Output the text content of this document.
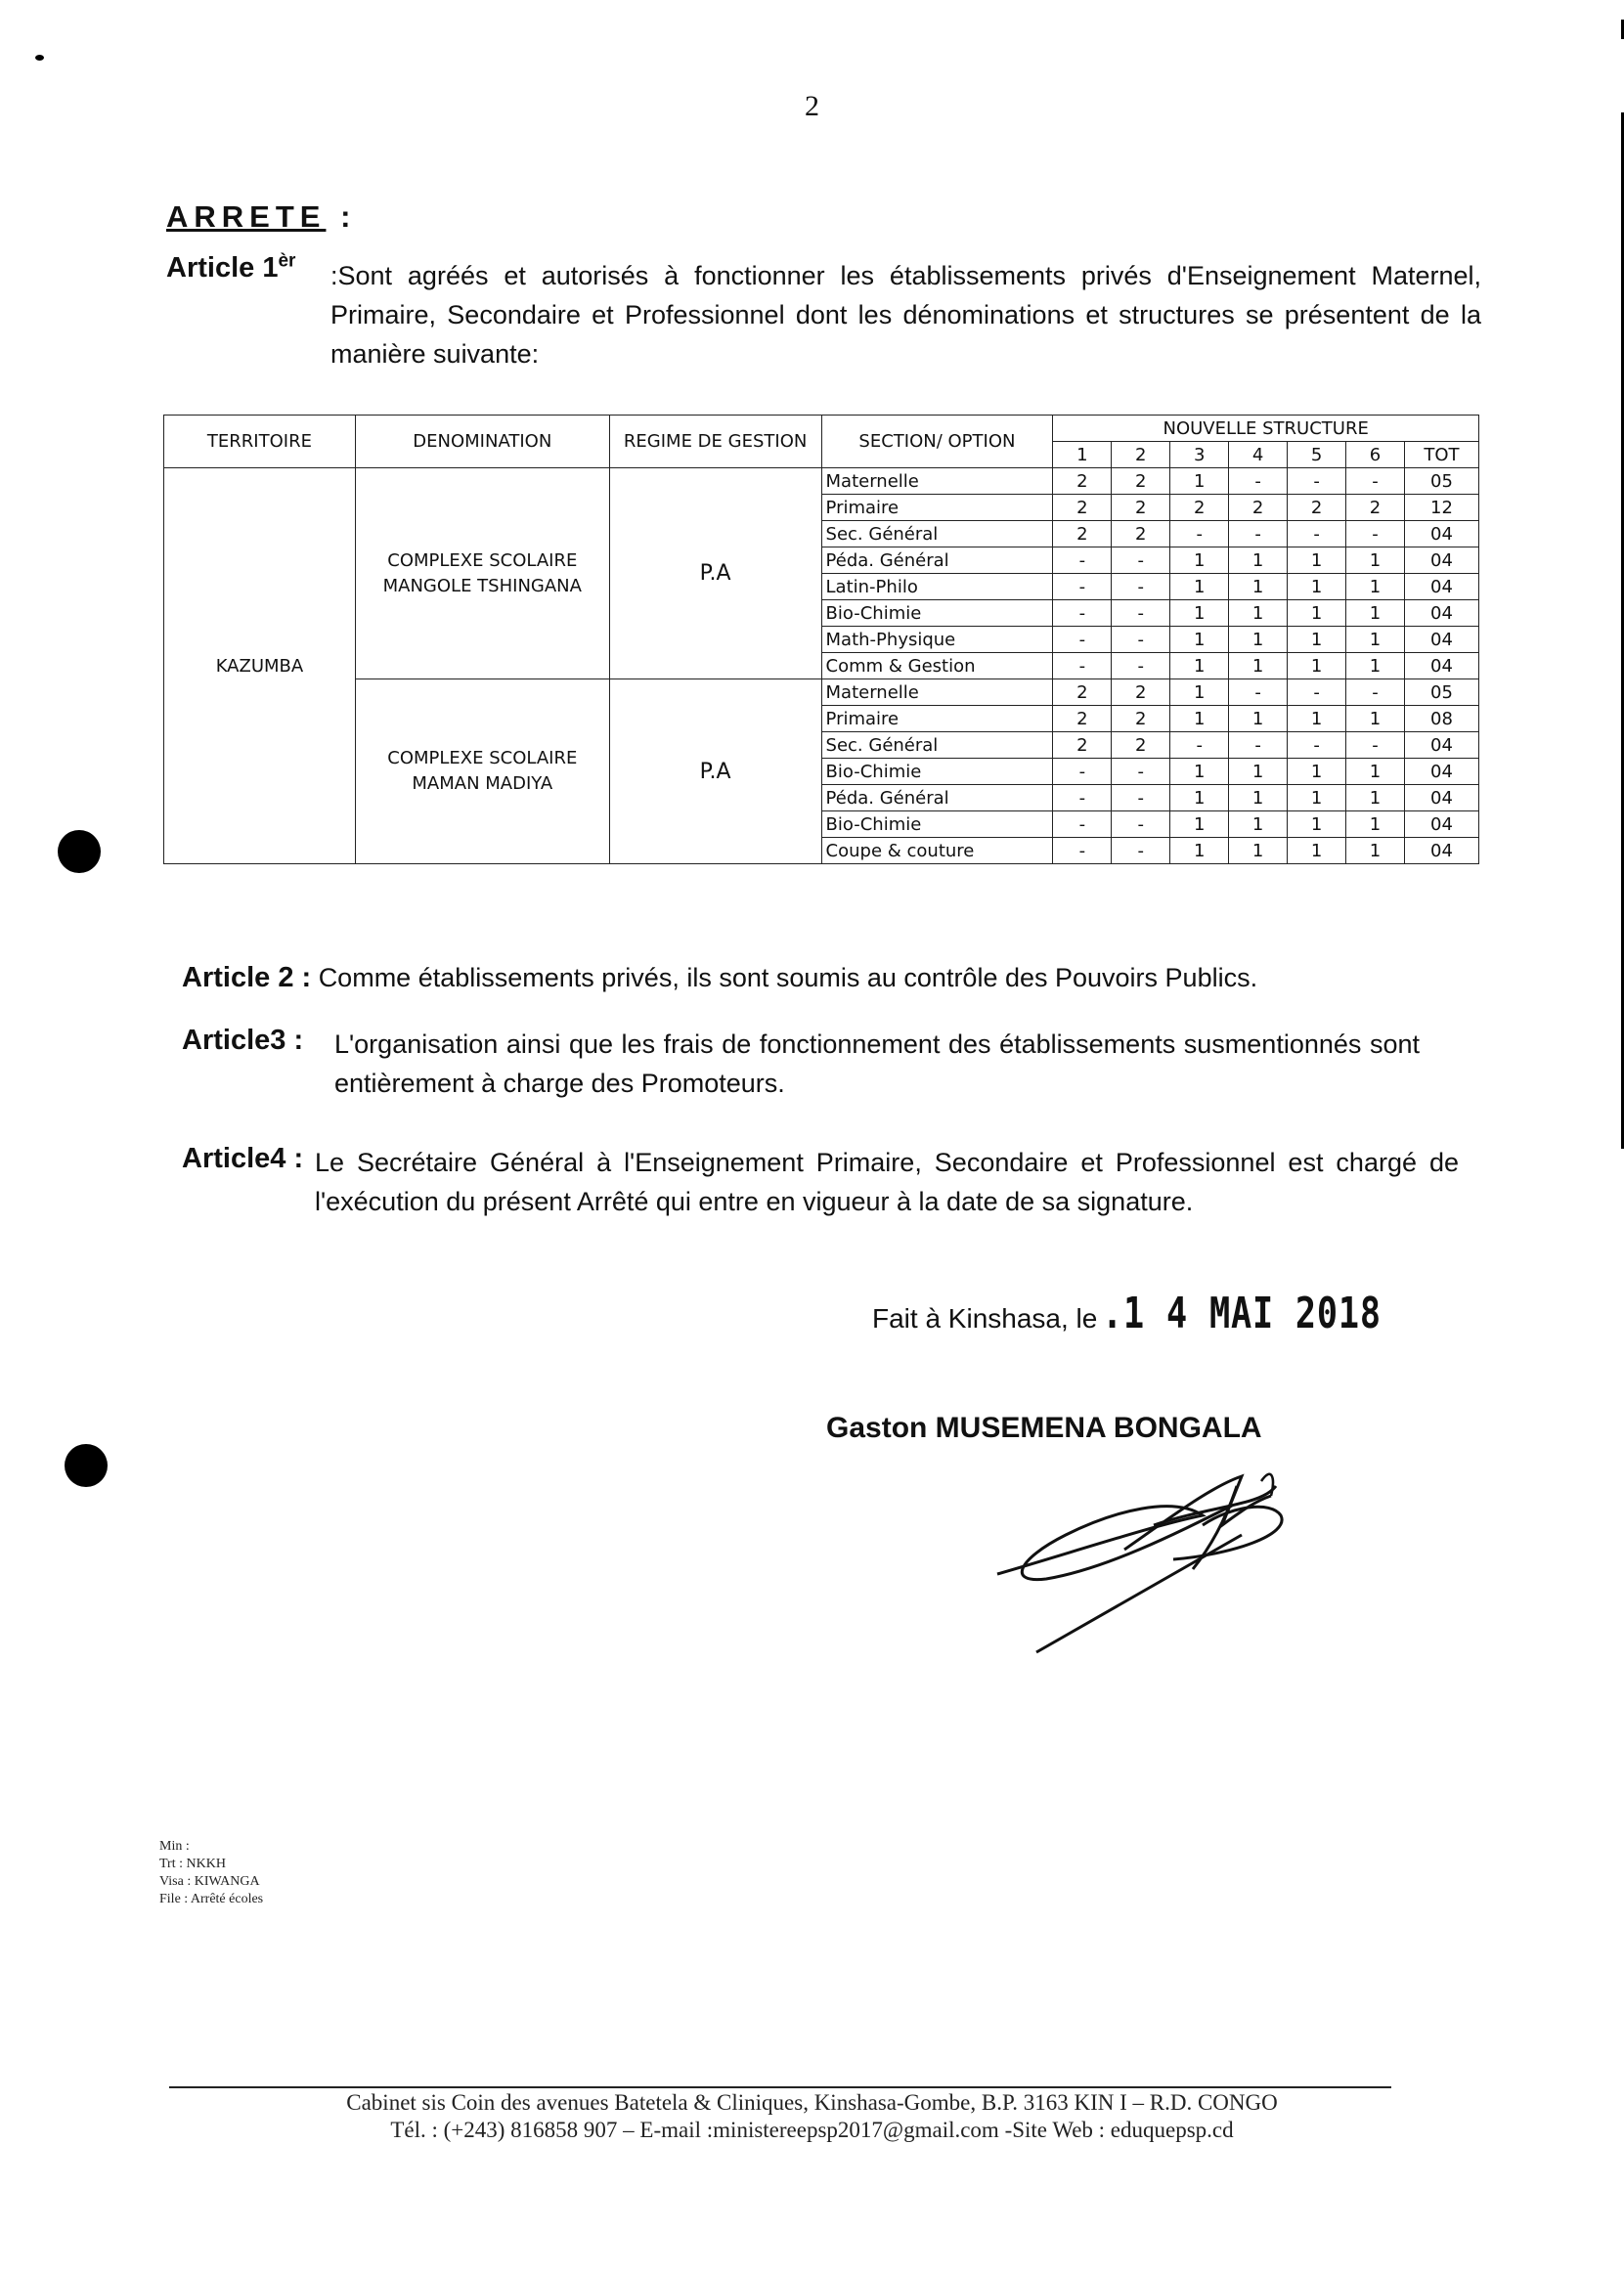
2
ARRETE :
Article $1^{èr}$
:Sont agréés et autorisés à fonctionner les établissements privés d'Enseignement Maternel, Primaire, Secondaire et Professionnel dont les dénominations et structures se présentent de la manière suivante:
TERRITOIRE	DENOMINATION	REGIME DE GESTION	SECTION/ OPTION	NOUVELLE STRUCTURE						
				1	2	3	4	5	6	TOT
KAZUMBA	COMPLEXE SCOLAIRE MANGOLE TSHINGANA	P.A	Maternelle	2	2	1	-	-	-	05
			Primaire	2	2	2	2	2	2	12
			Sec. Général	2	2	-	-	-	-	04
			Péda. Général	-	-	1	1	1	1	04
			Latin-Philo	-	-	1	1	1	1	04
			Bio-Chimie	-	-	1	1	1	1	04
			Math-Physique	-	-	1	1	1	1	04
			Comm & Gestion	-	-	1	1	1	1	04
	COMPLEXE SCOLAIRE MAMAN MADIYA	P.A	Maternelle	2	2	1	-	-	-	05
			Primaire	2	2	1	1	1	1	08
			Sec. Général	2	2	-	-	-	-	04
			Bio-Chimie	-	-	1	1	1	1	04
			Péda. Général	-	-	1	1	1	1	04
			Bio-Chimie	-	-	1	1	1	1	04
			Coupe & couture	-	-	1	1	1	1	04
Article 2 : Comme établissements privés, ils sont soumis au contrôle des Pouvoirs Publics.
Article3 : L'organisation ainsi que les frais de fonctionnement des établissements susmentionnés sont entièrement à charge des Promoteurs.
Article4 : Le Secrétaire Général à l'Enseignement Primaire, Secondaire et Professionnel est chargé de l'exécution du présent Arrêté qui entre en vigueur à la date de sa signature.
Fait à Kinshasa, le .1 4 MAI 2018
Gaston MUSEMENA BONGALA
Min :
Trt : NKKH
Visa : KIWANGA
File : Arrêté écoles
Cabinet sis Coin des avenues Batetela & Cliniques, Kinshasa-Gombe, B.P. 3163 KIN I – R.D. CONGO
Tél. : (+243) 816858 907 – E-mail :ministereepsp2017@gmail.com -Site Web : eduquepsp.cd
